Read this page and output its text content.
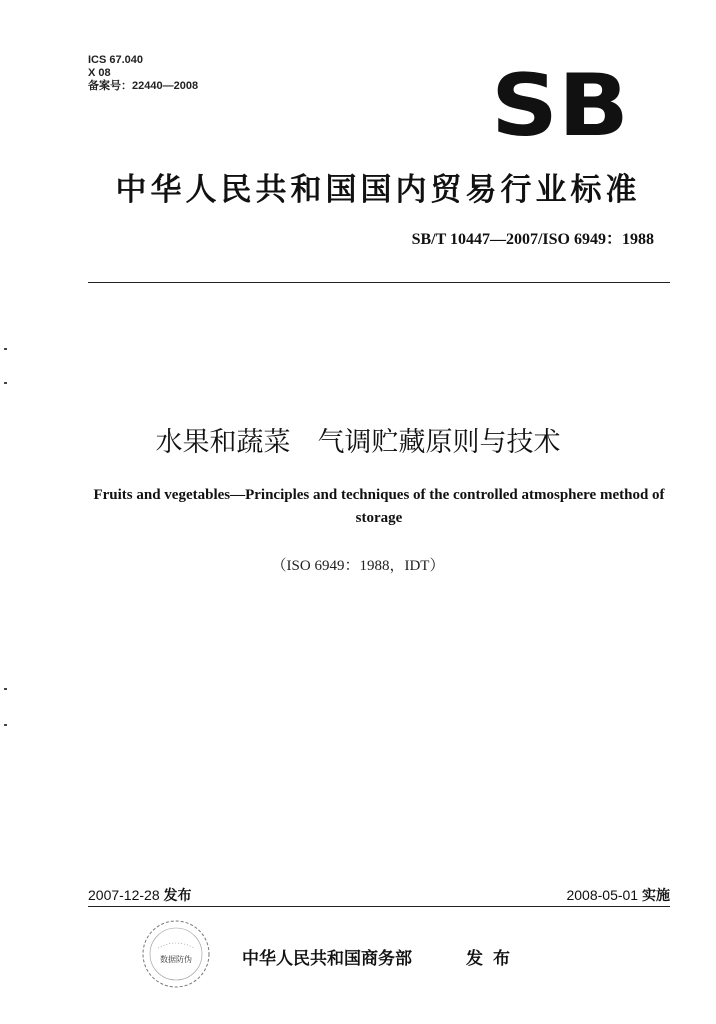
ICS 67.040
X 08
备案号：22440—2008	SB
中华人民共和国国内贸易行业标准
SB/T 10447—2007/ISO 6949：1988
水果和蔬菜　气调贮藏原则与技术
Fruits and vegetables—Principles and techniques of the controlled atmosphere method of storage
（ISO 6949：1988，IDT）
2007-12-28 发布	2008-05-01 实施
数据防伪	中华人民共和国商务部	发布
